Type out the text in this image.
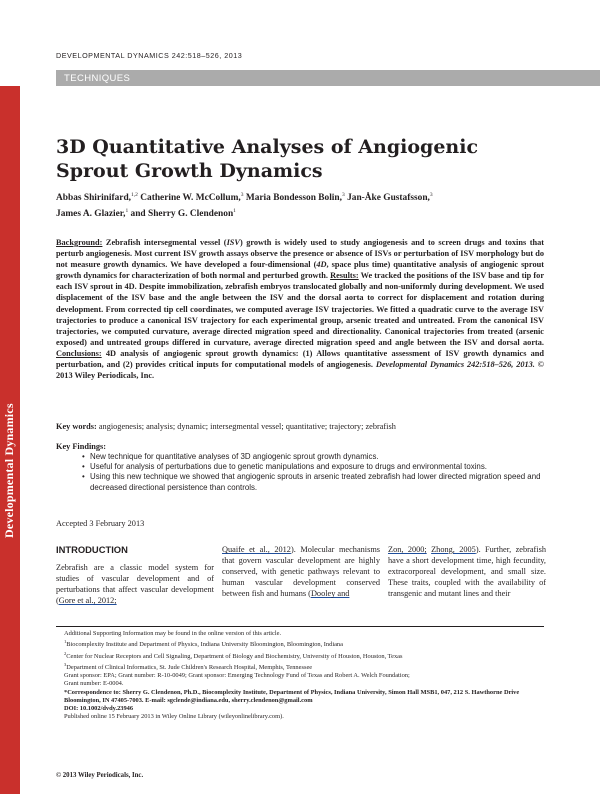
Developmental Dynamics
DEVELOPMENTAL DYNAMICS 242:518–526, 2013
TECHNIQUES
3D Quantitative Analyses of Angiogenic
Sprout Growth Dynamics
Abbas Shirinifard,$^{1,2}$ Catherine W. McCollum,$^3$ Maria Bondesson Bolin,$^3$ Jan-Åke Gustafsson,$^3$
James A. Glazier,$^1$ and Sherry G. Clendenon$^1$

Background: Zebrafish intersegmental vessel (ISV) growth is widely used to study angiogenesis and to screen drugs and toxins that perturb angiogenesis. Most current ISV growth assays observe the presence or absence of ISVs or perturbation of ISV morphology but do not measure growth dynamics. We have developed a four-dimensional (4D, space plus time) quantitative analysis of angiogenic sprout growth dynamics for characterization of both normal and perturbed growth. Results: We tracked the positions of the ISV base and tip for each ISV sprout in 4D. Despite immobilization, zebrafish embryos translocated globally and non-uniformly during development. We used displacement of the ISV base and the angle between the ISV and the dorsal aorta to correct for displacement and rotation during development. From corrected tip cell coordinates, we computed average ISV trajectories. We fitted a quadratic curve to the average ISV trajectories to produce a canonical ISV trajectory for each experimental group, arsenic treated and untreated. From the canonical ISV trajectories, we computed curvature, average directed migration speed and directionality. Canonical trajectories from treated (arsenic exposed) and untreated groups differed in curvature, average directed migration speed and angle between the ISV and dorsal aorta. Conclusions: 4D analysis of angiogenic sprout growth dynamics: (1) Allows quantitative assessment of ISV growth dynamics and perturbation, and (2) provides critical inputs for computational models of angiogenesis. Developmental Dynamics 242:518–526, 2013. © 2013 Wiley Periodicals, Inc.

Key words: angiogenesis; analysis; dynamic; intersegmental vessel; quantitative; trajectory; zebrafish
Key Findings:
• New technique for quantitative analyses of 3D angiogenic sprout growth dynamics.
• Useful for analysis of perturbations due to genetic manipulations and exposure to drugs and environmental toxins.
• Using this new technique we showed that angiogenic sprouts in arsenic treated zebrafish had lower directed migration speed and decreased directional persistence than controls.
Accepted 3 February 2013
INTRODUCTION

Zebrafish are a classic model system for studies of vascular development and of perturbations that affect vascular development (Gore et al., 2012;

Quaife et al., 2012). Molecular mechanisms that govern vascular development are highly conserved, with genetic pathways relevant to human vascular development conserved between fish and humans (Dooley and

Zon, 2000; Zhong, 2005). Further, zebrafish have a short development time, high fecundity, extracorporeal development, and small size. These traits, coupled with the availability of transgenic and mutant lines and their

Additional Supporting Information may be found in the online version of this article.
$^1$Biocomplexity Institute and Department of Physics, Indiana University Bloomington, Bloomington, Indiana
$^2$Center for Nuclear Receptors and Cell Signaling, Department of Biology and Biochemistry, University of Houston, Houston, Texas
$^3$Department of Clinical Informatics, St. Jude Children's Research Hospital, Memphis, Tennessee
Grant sponsor: EPA; Grant number: R-10-0049; Grant sponsor: Emerging Technology Fund of Texas and Robert A. Welch Foundation;
Grant number: E-0004.
*Correspondence to: Sherry G. Clendenon, Ph.D., Biocomplexity Institute, Department of Physics, Indiana University, Simon Hall MSB1, 047, 212 S. Hawthorne Drive Bloomington, IN 47405-7003. E-mail: sgclende@indiana.edu, sherry.clendenon@gmail.com
DOI: 10.1002/dvdy.23946
Published online 15 February 2013 in Wiley Online Library (wileyonlinelibrary.com).
© 2013 Wiley Periodicals, Inc.
